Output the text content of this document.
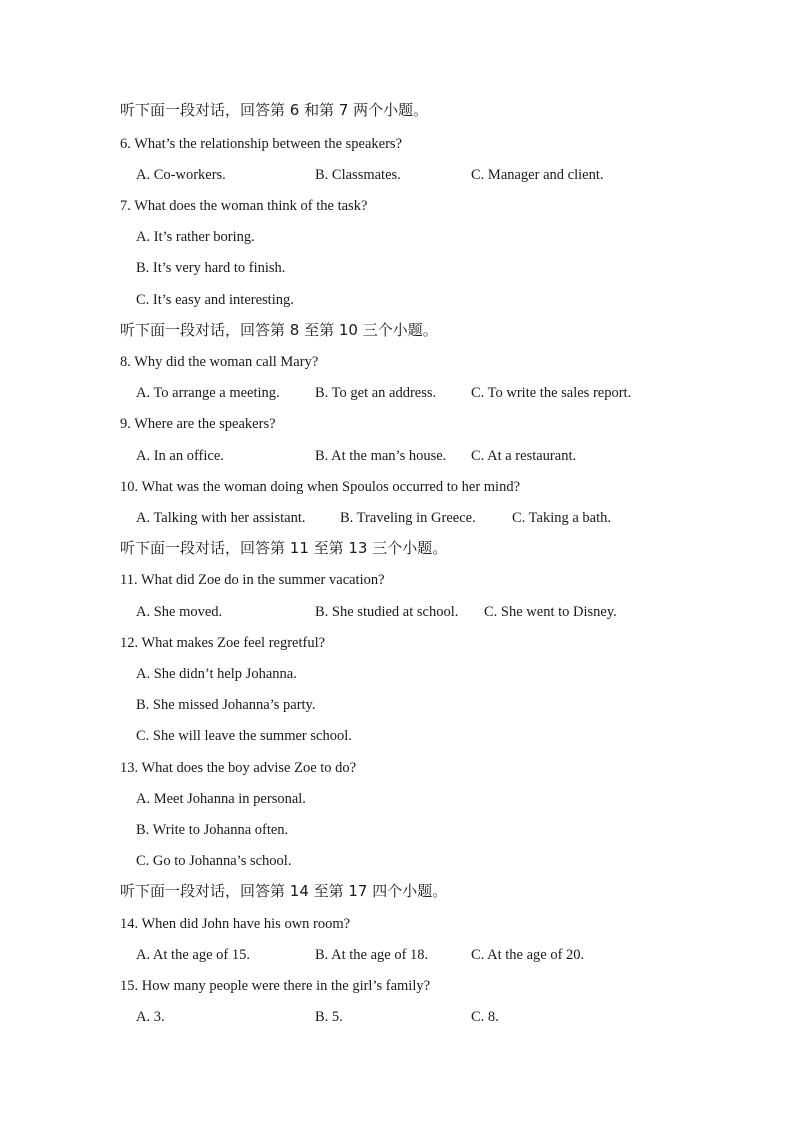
听下面一段对话，回答第 6 和第 7 两个小题。
6. What’s the relationship between the speakers?
A. Co-workers.	B. Classmates.	C. Manager and client.
7. What does the woman think of the task?
A. It’s rather boring.
B. It’s very hard to finish.
C. It’s easy and interesting.
听下面一段对话，回答第 8 至第 10 三个小题。
8. Why did the woman call Mary?
A. To arrange a meeting. B. To get an address. C. To write the sales report.
9. Where are the speakers?
A. In an office.	B. At the man’s house. C. At a restaurant.
10. What was the woman doing when Spoulos occurred to her mind?
A. Talking with her assistant. B. Traveling in Greece.	C. Taking a bath.
听下面一段对话，回答第 11 至第 13 三个小题。
11. What did Zoe do in the summer vacation?
A. She moved.	B. She studied at school. C. She went to Disney.
12. What makes Zoe feel regretful?
A. She didn’t help Johanna.
B. She missed Johanna’s party.
C. She will leave the summer school.
13. What does the boy advise Zoe to do?
A. Meet Johanna in personal.
B. Write to Johanna often.
C. Go to Johanna’s school.
听下面一段对话，回答第 14 至第 17 四个小题。
14. When did John have his own room?
A. At the age of 15.	B. At the age of 18.	C. At the age of 20.
15. How many people were there in the girl’s family?
A. 3.	B. 5.	C. 8.
